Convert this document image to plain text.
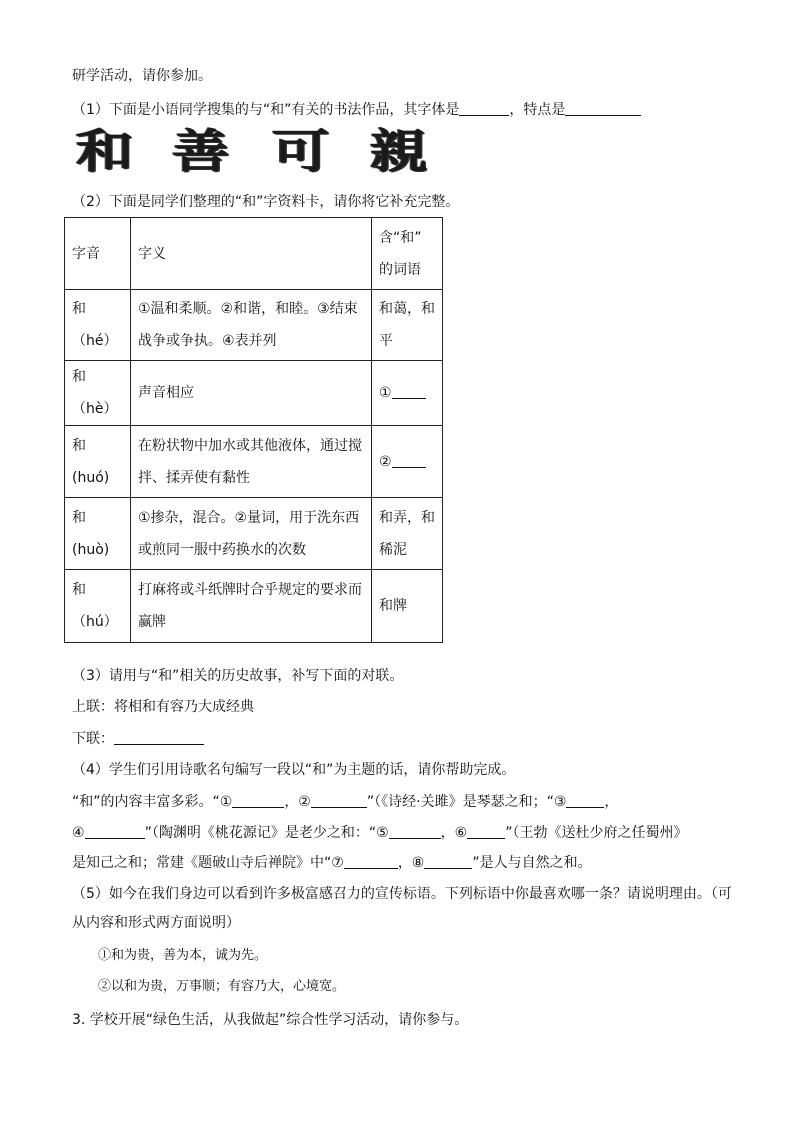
研学活动，请你参加。
（1）下面是小语同学搜集的与“和”有关的书法作品，其字体是	，特点是
和 善 可 親
（2）下面是同学们整理的“和”字资料卡，请你将它补充完整。
字音	字义	含“和”
的词语
和（hé）	①温和柔顺。②和谐，和睦。③结束
战争或争执。④表并列	和蔼，和
平
和（hè）	声音相应	①
和(huó)	在粉状物中加水或其他液体，通过搅
拌、揉弄使有黏性	②
和(huò)	①掺杂，混合。②量词，用于洗东西
或煎同一服中药换水的次数	和弄，和
稀泥
和（hú）	打麻将或斗纸牌时合乎规定的要求而
赢牌	和牌
（3）请用与“和”相关的历史故事，补写下面的对联。
上联：将相和有容乃大成经典
下联：
（4）学生们引用诗歌名句编写一段以“和”为主题的话，请你帮助完成。
“和”的内容丰富多彩。“①	，②	”（《诗经·关雎》是琴瑟之和；“③	，
④	”（陶渊明《桃花源记》是老少之和：“⑤	，⑥	”（王勃《送杜少府之任蜀州》
是知己之和；常建《题破山寺后禅院》中“⑦	，⑧	”是人与自然之和。
（5）如今在我们身边可以看到许多极富感召力的宣传标语。下列标语中你最喜欢哪一条？请说明理由。（可
从内容和形式两方面说明）
①和为贵，善为本，诚为先。
②以和为贵，万事顺；有容乃大，心境宽。
3. 学校开展“绿色生活，从我做起”综合性学习活动，请你参与。
